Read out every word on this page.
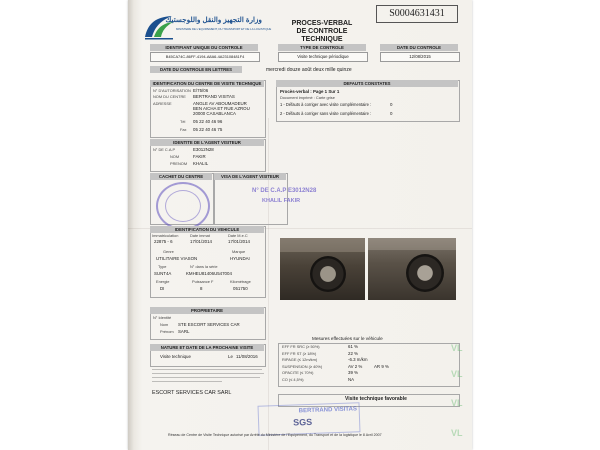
وزارة التجهيز والنقل واللوجستيك
MINISTERE DE L'EQUIPEMENT, DU TRANSPORT ET DE LA LOGISTIQUE
PROCES-VERBAL
DE CONTROLE TECHNIQUE
S0004631431
IDENTIFIANT UNIQUE DU CONTROLE	TYPE DE CONTROLE	DATE DU CONTROLE
B45CA74C-86FF-4194-A8A6-4A23108481F4	Visite technique périodique	12/08/2015
DATE DU CONTROLE EN LETTRES	mercredi douze août deux mille quinze
IDENTIFICATION DU CENTRE DE VISITE TECHNIQUE
N° D'AUTORISATION E/75/06
NOM DU CENTRE BERTRAND VISITAS
ADRESSE	ANGLE AV ABOUMADEUR
BEN AICHA ET RUE AZROU
20000 CASABLANCA
Tél 05 22 40 46 96
Fax 05 22 40 46 75
IDENTITE DE L'AGENT VISITEUR
N° DE C.A.P	E3012N28
NOM	FAKIR
PRENOM KHALIL
CACHET DU CENTRE	VISA DE L'AGENT VISITEUR
N° DE C.A.P E3012N28
KHALIL FAKIR
IDENTIFICATION DU VEHICULE
Immatriculation	Date immat	Date M.e.C
22875 - 6	17/01/2014	17/01/2014
Genre	Marque
UTILITAIRE VIASON	HYUNDAI
Type	N° dans la série
SUNT4A	KMHEU81406U547004
Energie	Puissance F	Kilométrage
DI	8	051750
PROPRIETAIRE
N° Identité
Nom STE ESCORT SERVICES CAR
Prénom SARL
NATURE ET DATE DE LA PROCHAINE VISITE
Visite technique	Le 11/08/2016
ESCORT SERVICES CAR SARL
DEFAUTS CONSTATES
Procès-verbal : Page 1 Sur 1
Document imprimé : Carte grise
1 - Défauts à corriger avec visite complémentaire :	0
2 - Défauts à corriger sans visite complémentaire :	0
Mesures effectuées sur le véhicule
EFF FR SRC (≥ 50%)	61 %
EFF FR ST (≥ 18%)	22 %
RIPAGE (≤ 12m/km)	-6.3 m/km
SUSPENSION (≥ 40%)	AV 2 %	AR 9 %
OPACITE (≤ 70%)	39 %
CO (≤ 4,5%)	NA
Visite technique favorable
BERTRAND VISITAS
SGS
Réseau de Centre de Visite Technique autorisé par Arrêté du Ministère de l'Equipement, du Transport et de la logistique le 8 Avril 2007
VL
VL
VL
VL
